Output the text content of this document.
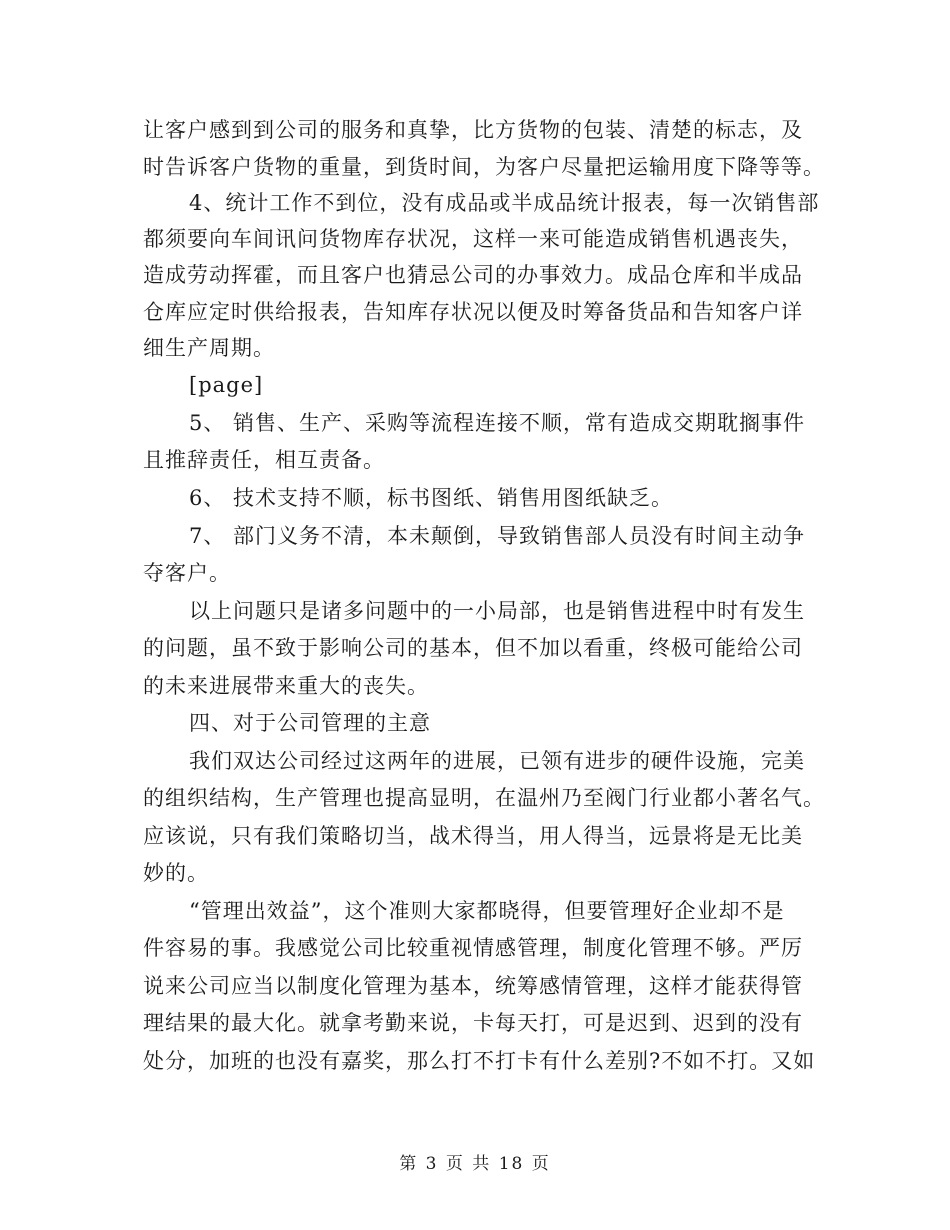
让客户感到到公司的服务和真挚，比方货物的包装、清楚的标志，及
时告诉客户货物的重量，到货时间，为客户尽量把运输用度下降等等。
4、统计工作不到位，没有成品或半成品统计报表，每一次销售部
都须要向车间讯问货物库存状况，这样一来可能造成销售机遇丧失，
造成劳动挥霍，而且客户也猜忌公司的办事效力。成品仓库和半成品
仓库应定时供给报表，告知库存状况以便及时筹备货品和告知客户详
细生产周期。
[page]
5、 销售、生产、采购等流程连接不顺，常有造成交期耽搁事件
且推辞责任，相互责备。
6、 技术支持不顺，标书图纸、销售用图纸缺乏。
7、 部门义务不清，本未颠倒，导致销售部人员没有时间主动争
夺客户。
以上问题只是诸多问题中的一小局部，也是销售进程中时有发生
的问题，虽不致于影响公司的基本，但不加以看重，终极可能给公司
的未来进展带来重大的丧失。
四、对于公司管理的主意
我们双达公司经过这两年的进展，已领有进步的硬件设施，完美
的组织结构，生产管理也提高显明，在温州乃至阀门行业都小著名气。
应该说，只有我们策略切当，战术得当，用人得当，远景将是无比美
妙的。
“管理出效益”，这个准则大家都晓得，但要管理好企业却不是
件容易的事。我感觉公司比较重视情感管理，制度化管理不够。严厉
说来公司应当以制度化管理为基本，统筹感情管理，这样才能获得管
理结果的最大化。就拿考勤来说，卡每天打，可是迟到、迟到的没有
处分，加班的也没有嘉奖，那么打不打卡有什么差别?不如不打。又如
第 3 页 共 18 页
